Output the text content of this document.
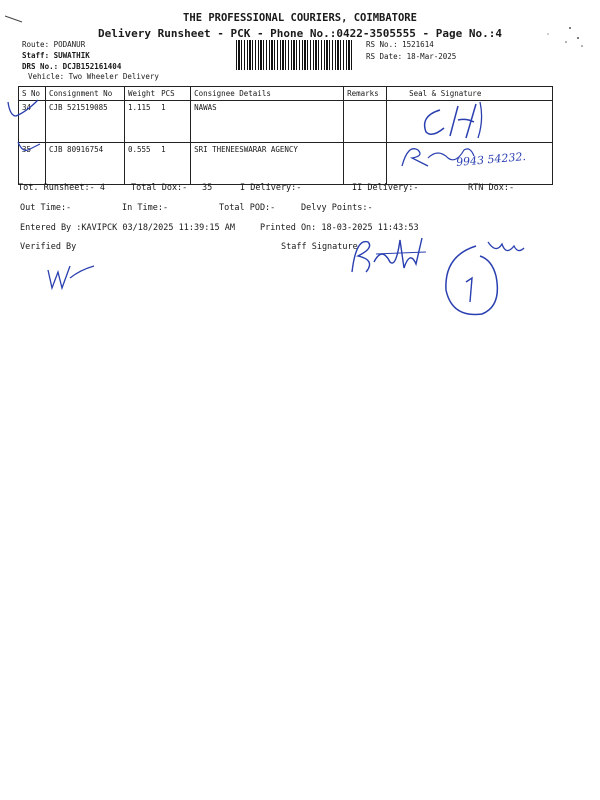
THE PROFESSIONAL COURIERS, COIMBATORE
Delivery Runsheet - PCK - Phone No.:0422-3505555 - Page No.:4
Route: PODANUR
Staff: SUWATHIK
DRS No.: DCJB152161404
Vehicle: Two Wheeler Delivery
RS No.: 1521614
RS Date: 18-Mar-2025
S No	Consignment No	Weight	PCS	Consignee Details	Remarks	Seal & Signature
34	CJB 521519085	1.115	1	NAWAS		
35	CJB 80916754	0.555	1	SRI THENEESWARAR AGENCY		
9943 54232.
Tot. Runsheet:- 4	Total Dox:- 35	I Delivery:-	II Delivery:-	RTN Dox:-
Out Time:-	In Time:-	Total POD:-	Delvy Points:-
Entered By :KAVIPCK 03/18/2025 11:39:15 AM	Printed On: 18-03-2025 11:43:53
Verified By	Staff Signature
